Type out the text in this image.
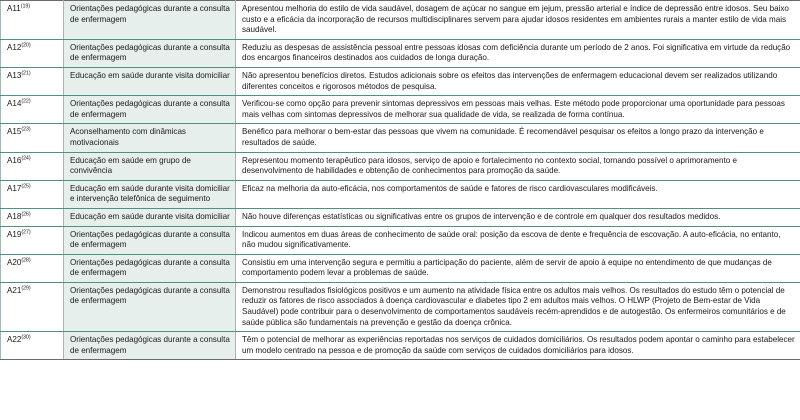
A11$^{(19)}$	Orientações pedagógicas durante a consulta de enfermagem	Apresentou melhoria do estilo de vida saudável, dosagem de açúcar no sangue em jejum, pressão arterial e índice de depressão entre idosos. Seu baixo custo e a eficácia da incorporação de recursos multidisciplinares servem para ajudar idosos residentes em ambientes rurais a manter estilo de vida mais saudável.
A12$^{(20)}$	Orientações pedagógicas durante a consulta de enfermagem	Reduziu as despesas de assistência pessoal entre pessoas idosas com deficiência durante um período de 2 anos. Foi significativa em virtude da redução dos encargos financeiros destinados aos cuidados de longa duração.
A13$^{(21)}$	Educação em saúde durante visita domiciliar	Não apresentou benefícios diretos. Estudos adicionais sobre os efeitos das intervenções de enfermagem educacional devem ser realizados utilizando diferentes conceitos e rigorosos métodos de pesquisa.
A14$^{(22)}$	Orientações pedagógicas durante a consulta de enfermagem	Verificou-se como opção para prevenir sintomas depressivos em pessoas mais velhas. Este método pode proporcionar uma oportunidade para pessoas mais velhas com sintomas depressivos de melhorar sua qualidade de vida, se realizada de forma contínua.
A15$^{(23)}$	Aconselhamento com dinâmicas motivacionais	Benéfico para melhorar o bem-estar das pessoas que vivem na comunidade. É recomendável pesquisar os efeitos a longo prazo da intervenção e resultados de saúde.
A16$^{(24)}$	Educação em saúde em grupo de convivência	Representou momento terapêutico para idosos, serviço de apoio e fortalecimento no contexto social, tornando possível o aprimoramento e desenvolvimento de habilidades e obtenção de conhecimentos para promoção da saúde.
A17$^{(25)}$	Educação em saúde durante visita domiciliar e intervenção telefônica de seguimento	Eficaz na melhoria da auto-eficácia, nos comportamentos de saúde e fatores de risco cardiovasculares modificáveis.
A18$^{(26)}$	Educação em saúde durante visita domiciliar	Não houve diferenças estatísticas ou significativas entre os grupos de intervenção e de controle em qualquer dos resultados medidos.
A19$^{(27)}$	Orientações pedagógicas durante a consulta de enfermagem	Indicou aumentos em duas áreas de conhecimento de saúde oral: posição da escova de dente e frequência de escovação. A auto-eficácia, no entanto, não mudou significativamente.
A20$^{(28)}$	Orientações pedagógicas durante a consulta de enfermagem	Consistiu em uma intervenção segura e permitiu a participação do paciente, além de servir de apoio à equipe no entendimento de que mudanças de comportamento podem levar a problemas de saúde.
A21$^{(29)}$	Orientações pedagógicas durante a consulta de enfermagem	Demonstrou resultados fisiológicos positivos e um aumento na atividade física entre os adultos mais velhos. Os resultados do estudo têm o potencial de reduzir os fatores de risco associados à doença cardiovascular e diabetes tipo 2 em adultos mais velhos. O HLWP (Projeto de Bem-estar de Vida Saudável) pode contribuir para o desenvolvimento de comportamentos saudáveis recém-aprendidos e de autogestão. Os enfermeiros comunitários e de saúde pública são fundamentais na prevenção e gestão da doença crônica.
A22$^{(30)}$	Orientações pedagógicas durante a consulta de enfermagem	Têm o potencial de melhorar as experiências reportadas nos serviços de cuidados domiciliários. Os resultados podem apontar o caminho para estabelecer um modelo centrado na pessoa e de promoção da saúde com serviços de cuidados domiciliários para idosos.
